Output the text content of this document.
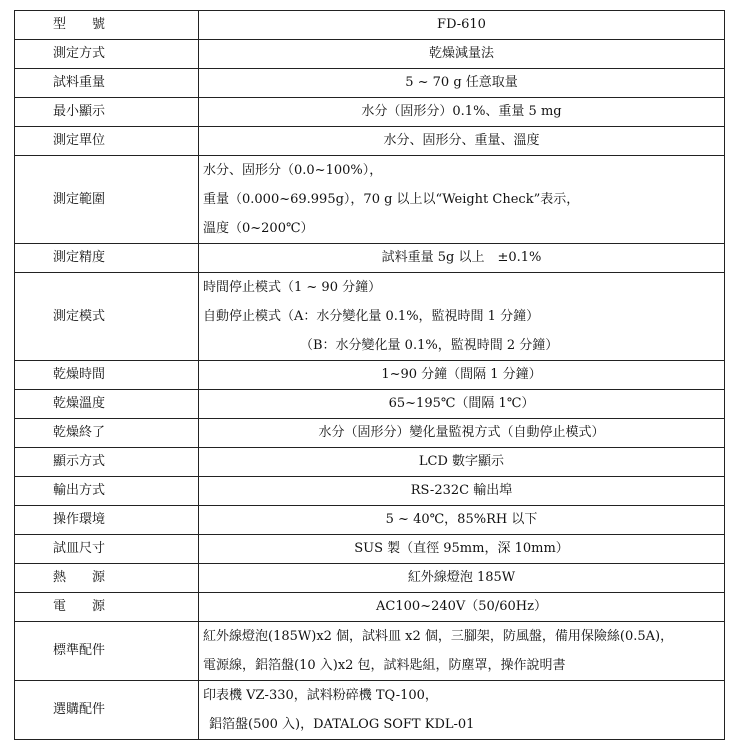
型　　號	FD-610
測定方式	乾燥減量法
試料重量	5 ~ 70 g 任意取量
最小顯示	水分（固形分）0.1%、重量 5 mg
測定單位	水分、固形分、重量、溫度
測定範圍	水分、固形分（0.0~100%），
重量（0.000~69.995g），70 g 以上以“Weight Check”表示，
溫度（0~200℃）

測定精度	試料重量 5g 以上　±0.1%
測定模式	時間停止模式（1 ~ 90 分鐘）
自動停止模式（A：水分變化量 0.1%，監視時間 1 分鐘）
（B：水分變化量 0.1%，監視時間 2 分鐘）

乾燥時間	1~90 分鐘（間隔 1 分鐘）
乾燥溫度	65~195℃（間隔 1℃）
乾燥終了	水分（固形分）變化量監視方式（自動停止模式）
顯示方式	LCD 數字顯示
輸出方式	RS-232C 輸出埠
操作環境	5 ~ 40℃，85%RH 以下
試皿尺寸	SUS 製（直徑 95mm，深 10mm）
熱　　源	紅外線燈泡 185W
電　　源	AC100~240V（50/60Hz）
標準配件	紅外線燈泡(185W)x2 個，試料皿 x2 個，三腳架，防風盤，備用保險絲(0.5A)，
電源線，鋁箔盤(10 入)x2 包，試料匙組，防塵罩，操作說明書

選購配件	印表機 VZ-330，試料粉碎機 TQ-100，
鋁箔盤(500 入)，DATALOG SOFT KDL-01
